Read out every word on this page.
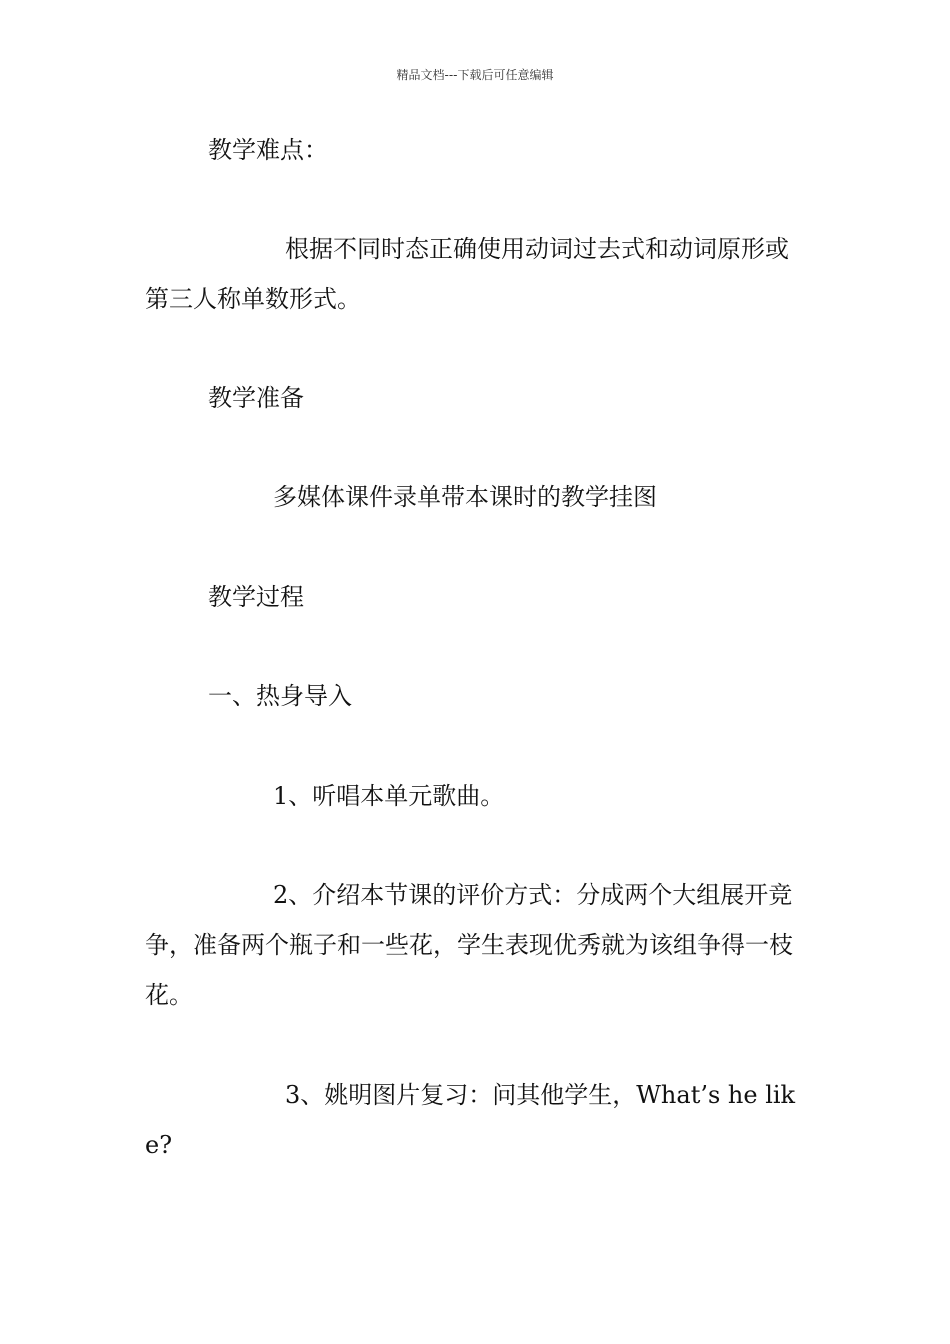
精品文档---下载后可任意编辑
教学难点：
根据不同时态正确使用动词过去式和动词原形或第三人称单数形式。
教学准备
多媒体课件录单带本课时的教学挂图
教学过程
一、热身导入
1、听唱本单元歌曲。
2、介绍本节课的评价方式：分成两个大组展开竞争，准备两个瓶子和一些花，学生表现优秀就为该组争得一枝花。
3、姚明图片复习：问其他学生，What’s he like?
